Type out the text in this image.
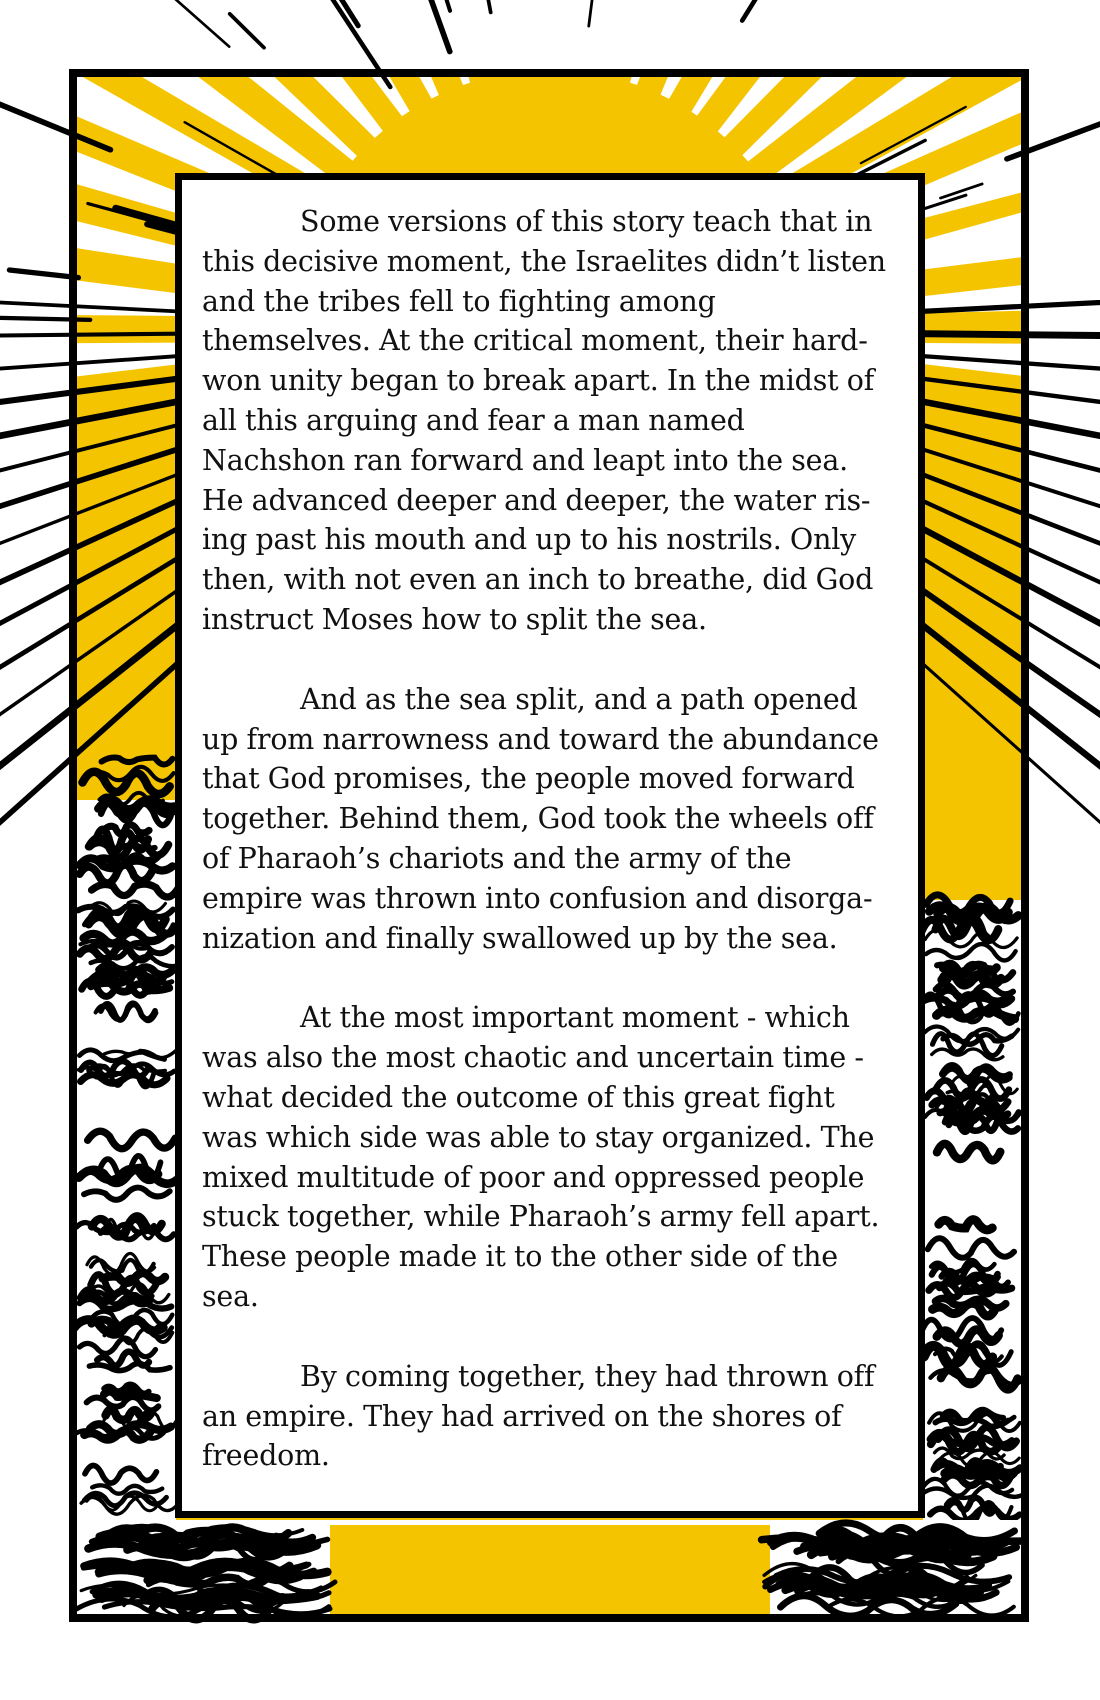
Some versions of this story teach that in this decisive moment, the Israelites didn’t listen and the tribes fell to fighting among themselves. At the critical moment, their hard-won unity began to break apart. In the midst of all this arguing and fear a man named Nachshon ran forward and leapt into the sea. He advanced deeper and deeper, the water ris-ing past his mouth and up to his nostrils. Only then, with not even an inch to breathe, did God instruct Moses how to split the sea.

And as the sea split, and a path opened up from narrowness and toward the abundance that God promises, the people moved forward together. Behind them, God took the wheels off of Pharaoh’s chariots and the army of the empire was thrown into confusion and disorga-nization and finally swallowed up by the sea.

At the most important moment - which was also the most chaotic and uncertain time - what decided the outcome of this great fight was which side was able to stay organized. The mixed multitude of poor and oppressed people stuck together, while Pharaoh’s army fell apart. These people made it to the other side of the sea.

By coming together, they had thrown off an empire. They had arrived on the shores of freedom.
